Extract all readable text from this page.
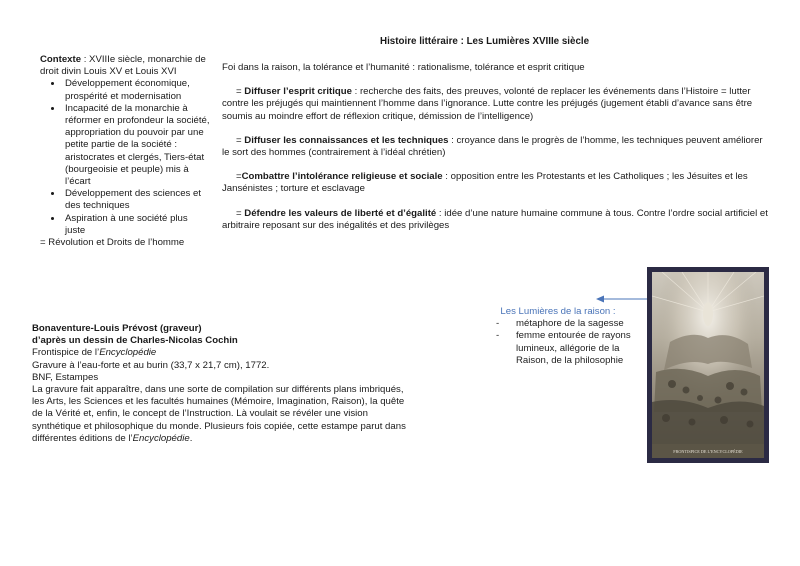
Histoire littéraire : Les Lumières XVIIIe siècle
Contexte : XVIIIe siècle, monarchie de droit divin Louis XV et Louis XVI
• Développement économique, prospérité et modernisation
• Incapacité de la monarchie à réformer en profondeur la société, appropriation du pouvoir par une petite partie de la société : aristocrates et clergés, Tiers-état (bourgeoisie et peuple) mis à l’écart
• Développement des sciences et des techniques
• Aspiration à une société plus juste

= Révolution et Droits de l’homme

Foi dans la raison, la tolérance et l’humanité : rationalisme, tolérance et esprit critique

= Diffuser l’esprit critique : recherche des faits, des preuves, volonté de replacer les événements dans l’Histoire = lutter contre les préjugés qui maintiennent l’homme dans l’ignorance. Lutte contre les préjugés (jugement établi d’avance sans être soumis au moindre effort de réflexion critique, démission de l’intelligence)

= Diffuser les connaissances et les techniques : croyance dans le progrès de l’homme, les techniques peuvent améliorer le sort des hommes (contrairement à l’idéal chrétien)

=Combattre l’intolérance religieuse et sociale : opposition entre les Protestants et les Catholiques ; les Jésuites et les Jansénistes ; torture et esclavage

= Défendre les valeurs de liberté et d’égalité : idée d’une nature humaine commune à tous. Contre l’ordre social artificiel et arbitraire reposant sur des inégalités et des privilèges

Bonaventure-Louis Prévost (graveur)

d’après un dessin de Charles-Nicolas Cochin

Frontispice de l’Encyclopédie

Gravure à l’eau-forte et au burin (33,7 x 21,7 cm), 1772.

BNF, Estampes

La gravure fait apparaître, dans une sorte de compilation sur différents plans imbriqués, les Arts, les Sciences et les facultés humaines (Mémoire, Imagination, Raison), la quête de la Vérité et, enfin, le concept de l’Instruction. Là voulait se révéler une vision synthétique et philosophique du monde. Plusieurs fois copiée, cette estampe parut dans différentes éditions de l’Encyclopédie.

Les Lumières de la raison :
- métaphore de la sagesse
- femme entourée de rayons lumineux, allégorie de la Raison, de la philosophie
FRONTISPICE DE L’ENCYCLOPÉDIE
